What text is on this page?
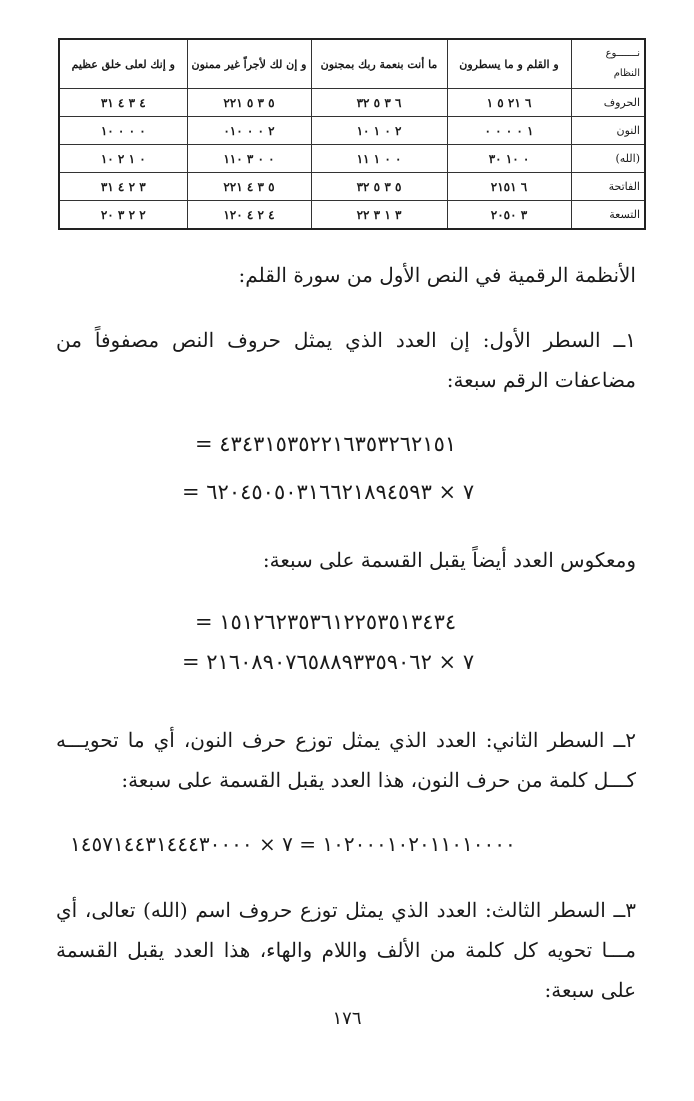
نـــــــوع
النظام	و القلم و ما يسطرون	ما أنت بنعمة ربك بمجنون	و إن لك لأجراً غير ممنون	و إنك لعلى خلق عظيم
الحروف	٦ ٢١ ٥ ١	٦ ٣ ٥ ٣٢	٥ ٣ ٥ ٢٢١	٤ ٣ ٤ ٣١
النون	١ ٠ ٠ ٠ ٠	٢ ٠ ١ ١٠	٢ ٠ ٠ ٠١٠	٠ ٠ ٠ ١٠
(الله)	٠ ١٠ ٣٠	٠ ٠ ١ ١١	٠ ٠ ٣ ١١٠	٠ ١ ٢ ١٠
الفاتحة	٦ ٢١٥١	٥ ٣ ٥ ٣٢	٥ ٣ ٤ ٢٢١	٣ ٢ ٤ ٣١
التسعة	٣ ٢٠٥٠	٣ ١ ٣ ٢٢	٤ ٢ ٤ ١٢٠	٢ ٢ ٣ ٢٠
الأنظمة الرقمية في النص الأول من سورة القلم:
١ــ السطر الأول: إن العدد الذي يمثل حروف النص مصفوفاً من مضاعفات الرقم سبعة:
= ٤٣٤٣١٥٣٥٢٢١٦٣٥٣٢٦٢١٥١
= ٧ × ٦٢٠٤٥٠٥٠٣١٦٦٢١٨٩٤٥٩٣
ومعكوس العدد أيضاً يقبل القسمة على سبعة:
= ١٥١٢٦٢٣٥٣٦١٢٢٥٣٥١٣٤٣٤
= ٧ × ٢١٦٠٨٩٠٧٦٥٨٨٩٣٣٥٩٠٦٢
٢ــ السطر الثاني: العدد الذي يمثل توزع حرف النون، أي ما تحويـــه كـــل كلمة من حرف النون، هذا العدد يقبل القسمة على سبعة:
١٠٢٠٠٠١٠٢٠١١٠١٠٠٠٠ = ٧ × ١٤٥٧١٤٤٣١٤٤٤٣٠٠٠٠
٣ــ السطر الثالث: العدد الذي يمثل توزع حروف اسم (الله) تعالى، أي مـــا تحويه كل كلمة من الألف واللام والهاء، هذا العدد يقبل القسمة على سبعة:
١٧٦
